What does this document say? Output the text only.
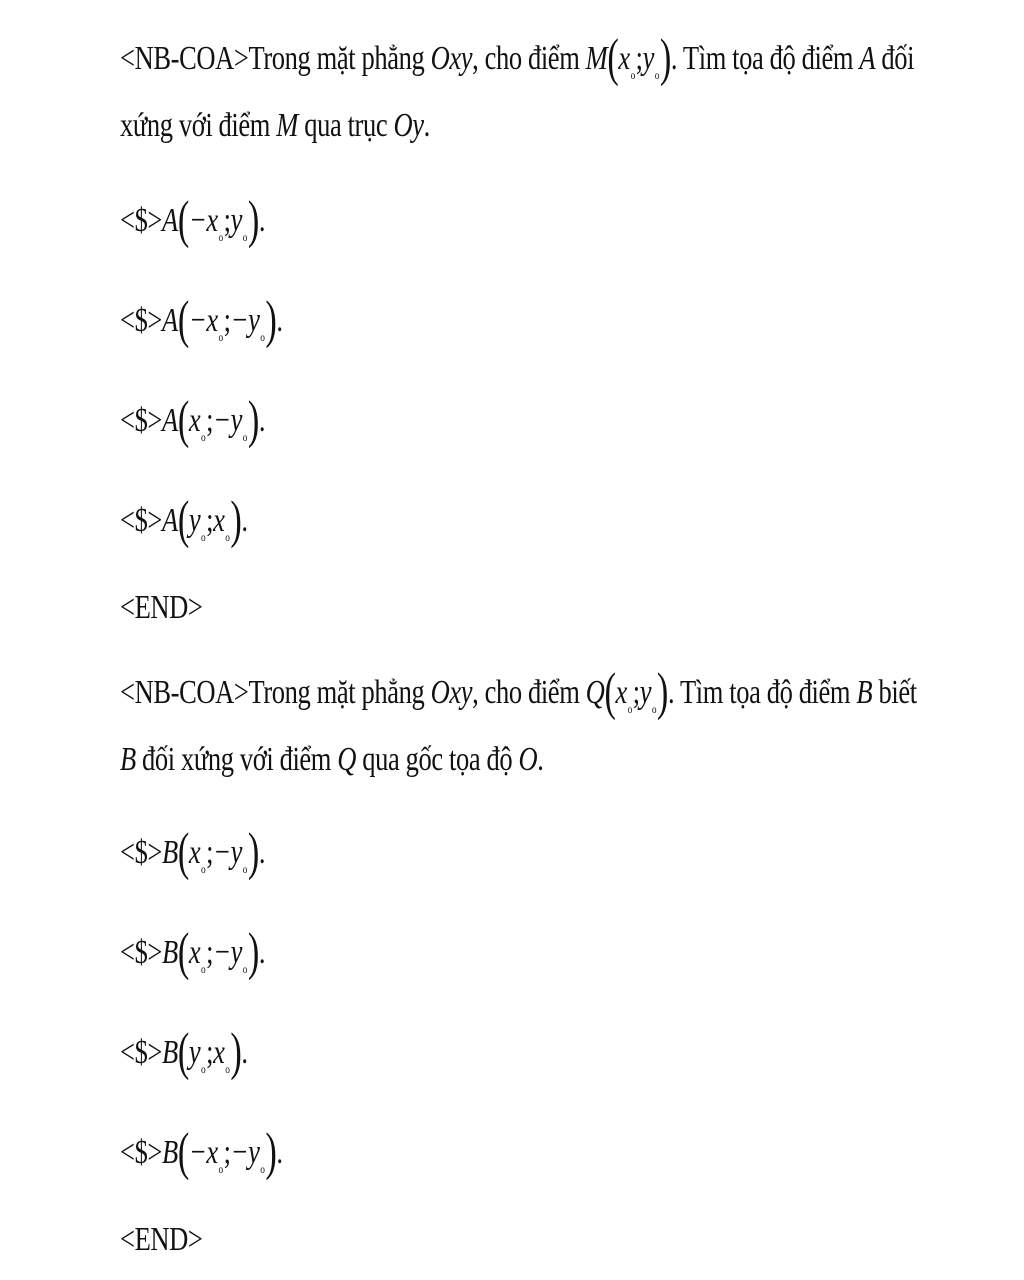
<NB-COA>Trong mặt phẳng Oxy, cho điểm $M(x_o;y_o)$. Tìm tọa độ điểm A đối
xứng với điểm M qua trục Oy.
$<\$>A(-x_o;y_o)$.
$<\$>A(-x_o;-y_o)$.
$<\$>A(x_o;-y_o)$.
$<\$>A(y_o;x_o)$.
<END>
<NB-COA>Trong mặt phẳng Oxy, cho điểm $Q(x_o;y_o)$. Tìm tọa độ điểm B biết
B đối xứng với điểm Q qua gốc tọa độ O.
$<\$>B(x_o;-y_o)$.
$<\$>B(x_o;-y_o)$.
$<\$>B(y_o;x_o)$.
$<\$>B(-x_o;-y_o)$.
<END>
